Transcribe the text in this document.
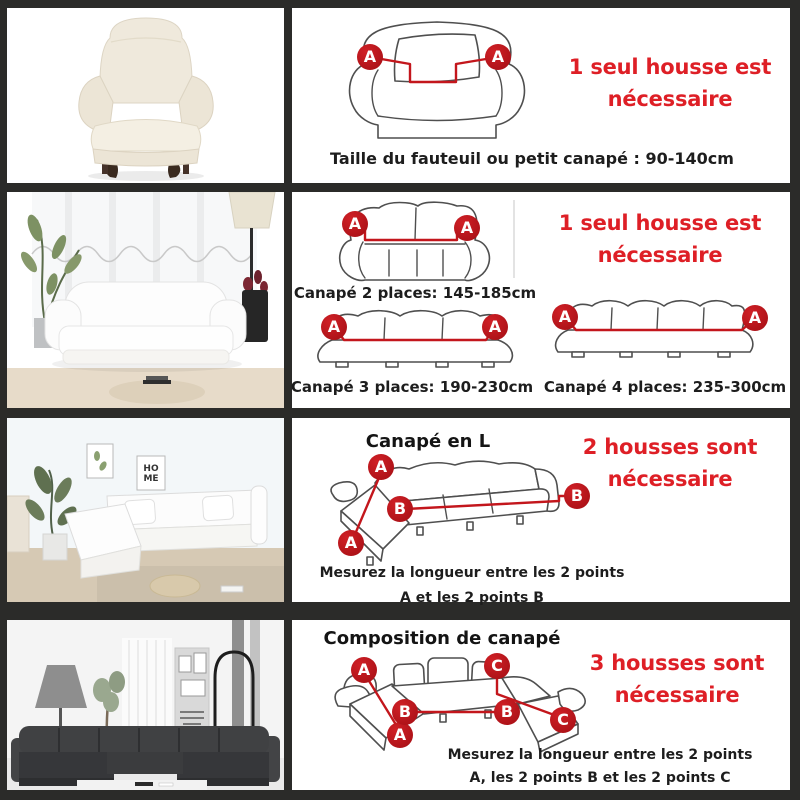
A	A	1 seul housse est
nécessaire
Taille du fauteuil ou petit canapé : 90-140cm
A	A	1 seul housse est
nécessaire
Canapé 2 places: 145-185cm
A	A
Canapé 3 places: 190-230cm
A	A
Canapé 4 places: 235-300cm
HO
ME
Canapé en L	2 housses sont
nécessaire
A
A
B
B
Mesurez la longueur entre les 2 points
A et les 2 points B
Composition de canapé
3 housses sont
nécessaire
A
A
B	B
C
C
Mesurez la longueur entre les 2 points
A, les 2 points B et les 2 points C
